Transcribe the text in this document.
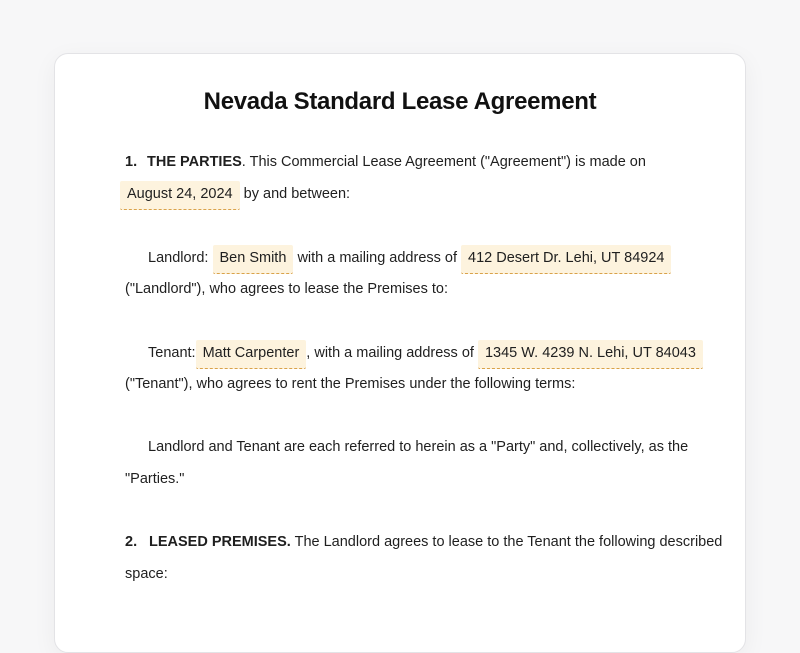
Nevada Standard Lease Agreement
1. THE PARTIES. This Commercial Lease Agreement ("Agreement") is made on
August 24, 2024 by and between:
Landlord: Ben Smith with a mailing address of 412 Desert Dr. Lehi, UT 84924
("Landlord"), who agrees to lease the Premises to:
Tenant: Matt Carpenter , with a mailing address of 1345 W. 4239 N. Lehi, UT 84043
("Tenant"), who agrees to rent the Premises under the following terms:
Landlord and Tenant are each referred to herein as a "Party" and, collectively, as the
"Parties."
2. LEASED PREMISES. The Landlord agrees to lease to the Tenant the following described
space:
